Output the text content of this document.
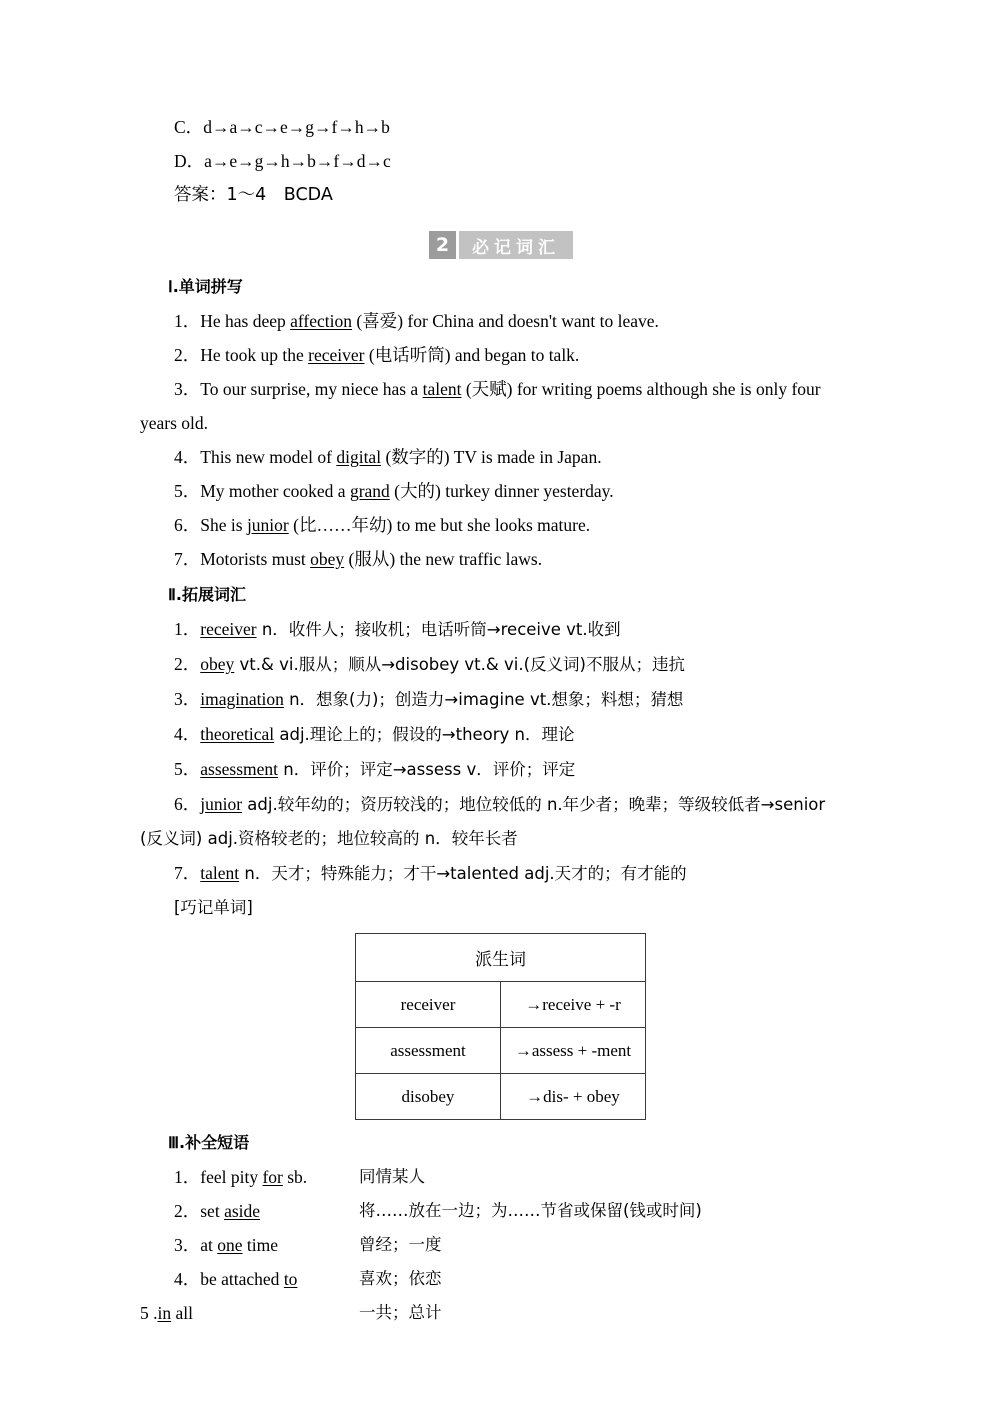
C．d→a→c→e→g→f→h→b
D．a→e→g→h→b→f→d→c
答案：1～4　BCDA
2	必记词汇
Ⅰ.单词拼写
1．He has deep affection (喜爱) for China and doesn't want to leave.
2．He took up the receiver (电话听筒) and began to talk.
3．To our surprise, my niece has a talent (天赋) for writing poems although she is only four
years old.
4．This new model of digital (数字的) TV is made in Japan.
5．My mother cooked a grand (大的) turkey dinner yesterday.
6．She is junior (比……年幼) to me but she looks mature.
7．Motorists must obey (服从) the new traffic laws.
Ⅱ.拓展词汇
1．receiver n．收件人；接收机；电话听筒→receive vt.收到
2．obey vt.& vi.服从；顺从→disobey vt.& vi.(反义词)不服从；违抗
3．imagination n．想象(力)；创造力→imagine vt.想象；料想；猜想
4．theoretical adj.理论上的；假设的→theory n．理论
5．assessment n．评价；评定→assess v．评价；评定
6．junior adj.较年幼的；资历较浅的；地位较低的 n.年少者；晚辈；等级较低者→senior
(反义词) adj.资格较老的；地位较高的 n．较年长者
7．talent n．天才；特殊能力；才干→talented adj.天才的；有才能的
[巧记单词]
派生词	
receiver	→receive + -r
assessment	→assess + -ment
disobey	→dis- + obey
Ⅲ.补全短语
1．feel pity for sb.	同情某人
2．set aside	将……放在一边；为……节省或保留(钱或时间)
3．at one time	曾经；一度
4．be attached to	喜欢；依恋
5 .in all	一共；总计
